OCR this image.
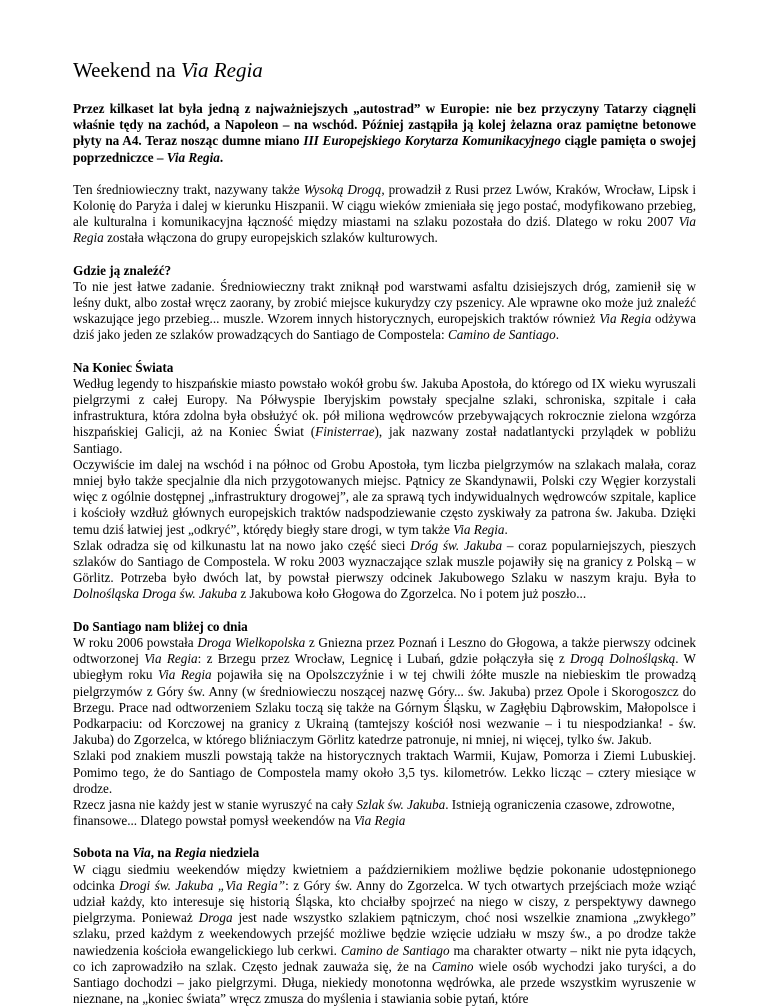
Weekend na Via Regia

Przez kilkaset lat była jedną z najważniejszych „autostrad” w Europie: nie bez przyczyny Tatarzy ciągnęli właśnie tędy na zachód, a Napoleon – na wschód. Później zastąpiła ją kolej żelazna oraz pamiętne betonowe płyty na A4. Teraz nosząc dumne miano III Europejskiego Korytarza Komunikacyjnego ciągle pamięta o swojej poprzedniczce – Via Regia.

Ten średniowieczny trakt, nazywany także Wysoką Drogą, prowadził z Rusi przez Lwów, Kraków, Wrocław, Lipsk i Kolonię do Paryża i dalej w kierunku Hiszpanii. W ciągu wieków zmieniała się jego postać, modyfikowano przebieg, ale kulturalna i komunikacyjna łączność między miastami na szlaku pozostała do dziś. Dlatego w roku 2007 Via Regia została włączona do grupy europejskich szlaków kulturowych.

Gdzie ją znaleźć?

To nie jest łatwe zadanie. Średniowieczny trakt zniknął pod warstwami asfaltu dzisiejszych dróg, zamienił się w leśny dukt, albo został wręcz zaorany, by zrobić miejsce kukurydzy czy pszenicy. Ale wprawne oko może już znaleźć wskazujące jego przebieg... muszle. Wzorem innych historycznych, europejskich traktów również Via Regia odżywa dziś jako jeden ze szlaków prowadzących do Santiago de Compostela: Camino de Santiago.

Na Koniec Świata

Według legendy to hiszpańskie miasto powstało wokół grobu św. Jakuba Apostoła, do którego od IX wieku wyruszali pielgrzymi z całej Europy. Na Półwyspie Iberyjskim powstały specjalne szlaki, schroniska, szpitale i cała infrastruktura, która zdolna była obsłużyć ok. pół miliona wędrowców przebywających rokrocznie zielona wzgórza hiszpańskiej Galicji, aż na Koniec Świat (Finisterrae), jak nazwany został nadatlantycki przylądek w pobliżu Santiago.

Oczywiście im dalej na wschód i na północ od Grobu Apostoła, tym liczba pielgrzymów na szlakach malała, coraz mniej było także specjalnie dla nich przygotowanych miejsc. Pątnicy ze Skandynawii, Polski czy Węgier korzystali więc z ogólnie dostępnej „infrastruktury drogowej”, ale za sprawą tych indywidualnych wędrowców szpitale, kaplice i kościoły wzdłuż głównych europejskich traktów nadspodziewanie często zyskiwały za patrona św. Jakuba. Dzięki temu dziś łatwiej jest „odkryć”, którędy biegły stare drogi, w tym także Via Regia.

Szlak odradza się od kilkunastu lat na nowo jako część sieci Dróg św. Jakuba – coraz popularniejszych, pieszych szlaków do Santiago de Compostela. W roku 2003 wyznaczające szlak muszle pojawiły się na granicy z Polską – w Görlitz. Potrzeba było dwóch lat, by powstał pierwszy odcinek Jakubowego Szlaku w naszym kraju. Była to Dolnośląska Droga św. Jakuba z Jakubowa koło Głogowa do Zgorzelca. No i potem już poszło...

Do Santiago nam bliżej co dnia

W roku 2006 powstała Droga Wielkopolska z Gniezna przez Poznań i Leszno do Głogowa, a także pierwszy odcinek odtworzonej Via Regia: z Brzegu przez Wrocław, Legnicę i Lubań, gdzie połączyła się z Drogą Dolnośląską. W ubiegłym roku Via Regia pojawiła się na Opolszczyźnie i w tej chwili żółte muszle na niebieskim tle prowadzą pielgrzymów z Góry św. Anny (w średniowieczu noszącej nazwę Góry... św. Jakuba) przez Opole i Skorogoszcz do Brzegu. Prace nad odtworzeniem Szlaku toczą się także na Górnym Śląsku, w Zagłębiu Dąbrowskim, Małopolsce i Podkarpaciu: od Korczowej na granicy z Ukrainą (tamtejszy kościół nosi wezwanie – i tu niespodzianka! - św. Jakuba) do Zgorzelca, w którego bliźniaczym Görlitz katedrze patronuje, ni mniej, ni więcej, tylko św. Jakub.

Szlaki pod znakiem muszli powstają także na historycznych traktach Warmii, Kujaw, Pomorza i Ziemi Lubuskiej. Pomimo tego, że do Santiago de Compostela mamy około 3,5 tys. kilometrów. Lekko licząc – cztery miesiące w drodze.

Rzecz jasna nie każdy jest w stanie wyruszyć na cały Szlak św. Jakuba. Istnieją ograniczenia czasowe, zdrowotne, finansowe... Dlatego powstał pomysł weekendów na Via Regia

Sobota na Via, na Regia niedziela

W ciągu siedmiu weekendów między kwietniem a październikiem możliwe będzie pokonanie udostępnionego odcinka Drogi św. Jakuba „Via Regia”: z Góry św. Anny do Zgorzelca. W tych otwartych przejściach może wziąć udział każdy, kto interesuje się historią Śląska, kto chciałby spojrzeć na niego w ciszy, z perspektywy dawnego pielgrzyma. Ponieważ Droga jest nade wszystko szlakiem pątniczym, choć nosi wszelkie znamiona „zwykłego” szlaku, przed każdym z weekendowych przejść możliwe będzie wzięcie udziału w mszy św., a po drodze także nawiedzenia kościoła ewangelickiego lub cerkwi. Camino de Santiago ma charakter otwarty – nikt nie pyta idących, co ich zaprowadziło na szlak. Często jednak zauważa się, że na Camino wiele osób wychodzi jako turyści, a do Santiago dochodzi – jako pielgrzymi. Długa, niekiedy monotonna wędrówka, ale przede wszystkim wyruszenie w nieznane, na „koniec świata” wręcz zmusza do myślenia i stawiania sobie pytań, które
